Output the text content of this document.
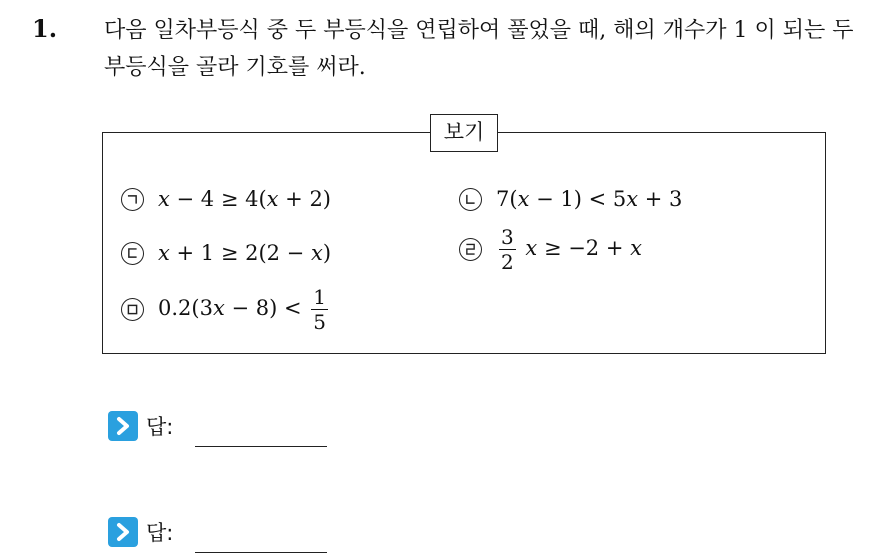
1. 다음 일차부등식 중 두 부등식을 연립하여 풀었을 때, 해의 개수가 1 이 되는 두 부등식을 골라 기호를 써라.
보기
x − 4 ≥ 4(x + 2)	7(x − 1) < 5x + 3
x + 1 ≥ 2(2 − x)	$\frac{3}{2}$ x ≥ −2 + x
$0.2(3x - 8) < \frac{1}{5}$
답:
답:
